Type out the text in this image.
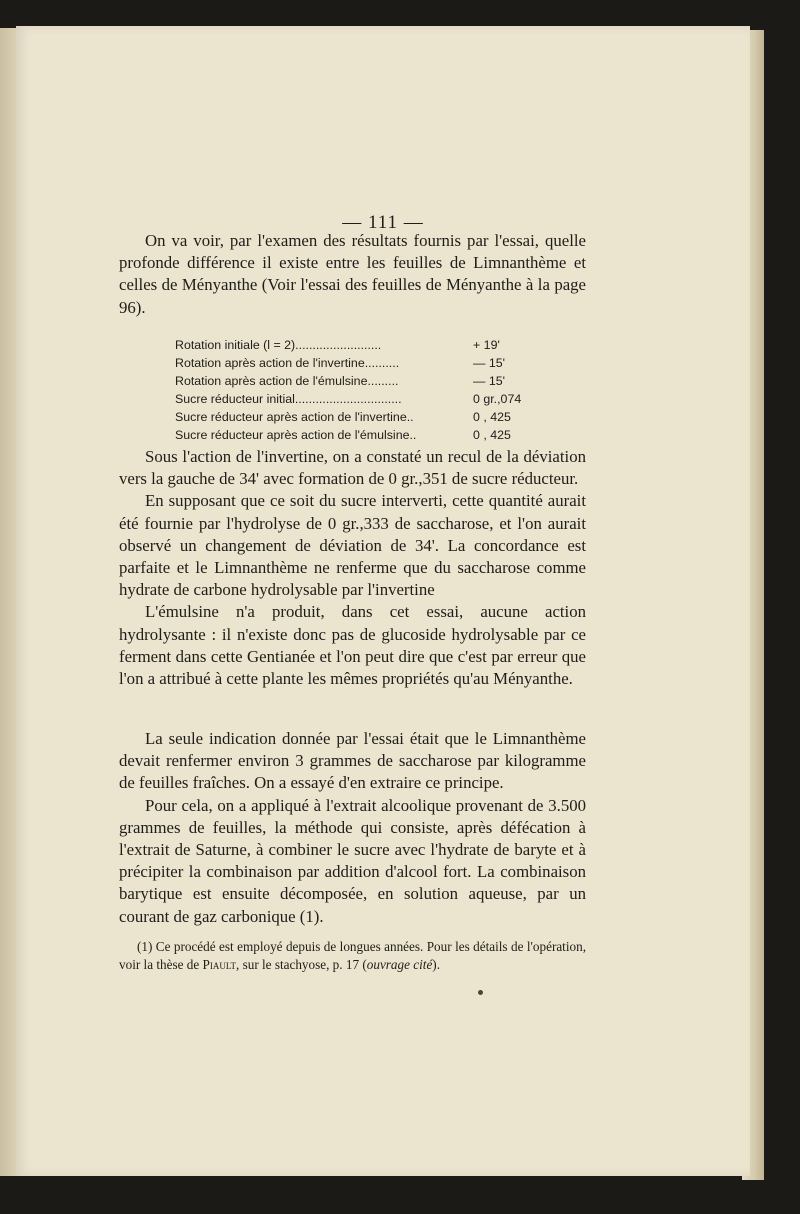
— 111 —

On va voir, par l'examen des résultats fournis par l'essai, quelle profonde différence il existe entre les feuilles de Limnanthème et celles de Ményanthe (Voir l'essai des feuilles de Ményanthe à la page 96).

Rotation initiale (l = 2).........................	+ 19'
Rotation après action de l'invertine..........	— 15'
Rotation après action de l'émulsine.........	— 15'
Sucre réducteur initial...............................	0 gr.,074
Sucre réducteur après action de l'invertine..	0 , 425
Sucre réducteur après action de l'émulsine..	0 , 425

Sous l'action de l'invertine, on a constaté un recul de la déviation vers la gauche de 34' avec formation de 0 gr.,351 de sucre réducteur.

En supposant que ce soit du sucre interverti, cette quantité aurait été fournie par l'hydrolyse de 0 gr.,333 de saccharose, et l'on aurait observé un changement de déviation de 34'. La concordance est parfaite et le Limnanthème ne renferme que du saccharose comme hydrate de carbone hydrolysable par l'invertine

L'émulsine n'a produit, dans cet essai, aucune action hydrolysante : il n'existe donc pas de glucoside hydrolysable par ce ferment dans cette Gentianée et l'on peut dire que c'est par erreur que l'on a attribué à cette plante les mêmes propriétés qu'au Ményanthe.

La seule indication donnée par l'essai était que le Limnanthème devait renfermer environ 3 grammes de saccharose par kilogramme de feuilles fraîches. On a essayé d'en extraire ce principe.

Pour cela, on a appliqué à l'extrait alcoolique provenant de 3.500 grammes de feuilles, la méthode qui consiste, après défécation à l'extrait de Saturne, à combiner le sucre avec l'hydrate de baryte et à précipiter la combinaison par addition d'alcool fort. La combinaison barytique est ensuite décomposée, en solution aqueuse, par un courant de gaz carbonique (1).

(1) Ce procédé est employé depuis de longues années. Pour les détails de l'opération, voir la thèse de Piault, sur le stachyose, p. 17 (ouvrage cité).
